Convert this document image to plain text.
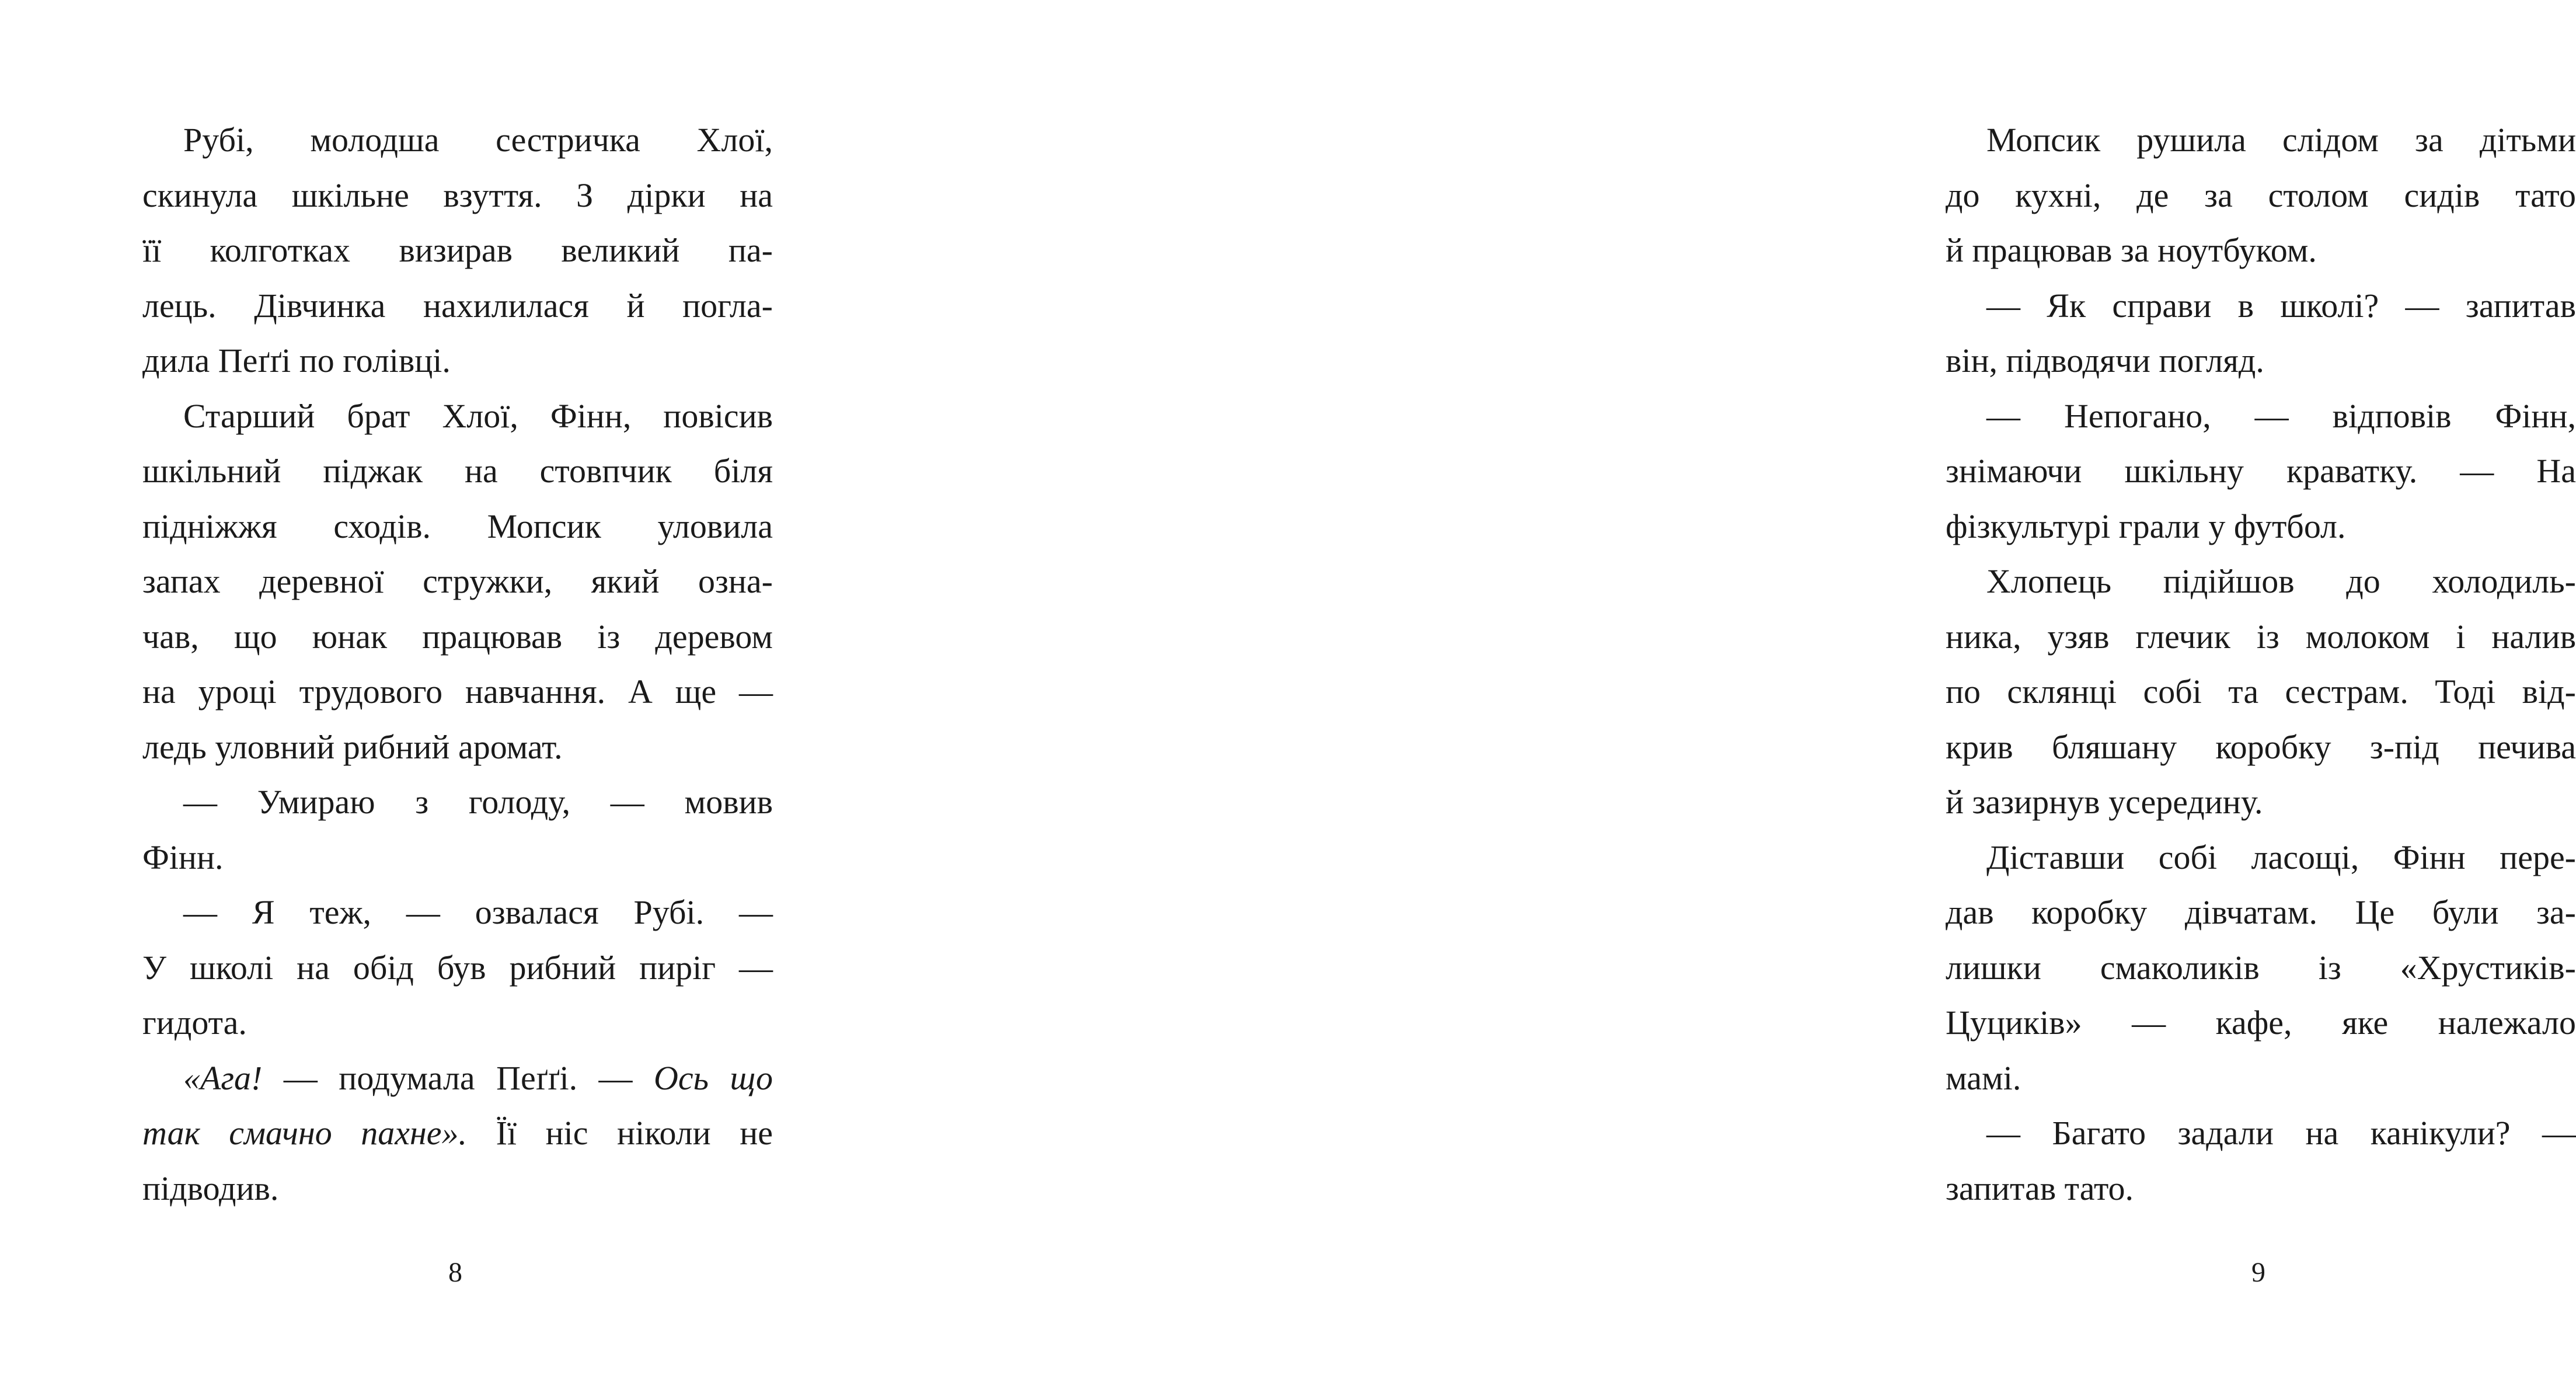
Рубі, молодша сестричка Хлої,
скинула шкільне взуття. З дірки на
її колготках визирав великий па-
лець. Дівчинка нахилилася й погла-
дила Пеґґі по голівці.
Старший брат Хлої, Фінн, повісив
шкільний піджак на стовпчик біля
підніжжя сходів. Мопсик уловила
запах деревної стружки, який озна-
чав, що юнак працював із деревом
на уроці трудового навчання. А ще —
ледь уловний рибний аромат.
— Умираю з голоду, — мовив
Фінн.
— Я теж, — озвалася Рубі. —
У школі на обід був рибний пиріг —
гидота.
«Ага! — подумала Пеґґі. — Ось що
так смачно пахне». Її ніс ніколи не
підводив.
8
Мопсик рушила слідом за дітьми
до кухні, де за столом сидів тато
й працював за ноутбуком.
— Як справи в школі? — запитав
він, підводячи погляд.
— Непогано, — відповів Фінн,
знімаючи шкільну краватку. — На
фізкультурі грали у футбол.
Хлопець підійшов до холодиль-
ника, узяв глечик із молоком і налив
по склянці собі та сестрам. Тоді від-
крив бляшану коробку з-під печива
й зазирнув усередину.
Діставши собі ласощі, Фінн пере-
дав коробку дівчатам. Це були за-
лишки смаколиків із «Хрустиків-
Цуциків» — кафе, яке належало
мамі.
— Багато задали на канікули? —
запитав тато.
9
